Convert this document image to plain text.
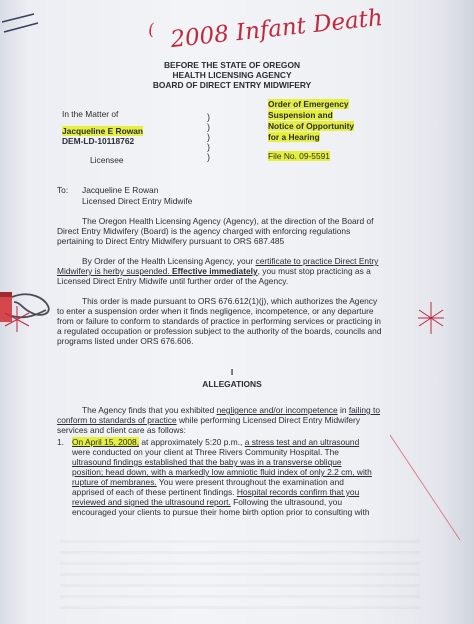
( 2008 Infant Death
BEFORE THE STATE OF OREGON
HEALTH LICENSING AGENCY
BOARD OF DIRECT ENTRY MIDWIFERY
In the Matter of
Jacqueline E Rowan
DEM-LD-10118762
Licensee
)
)
)
)
)
Order of Emergency
Suspension and
Notice of Opportunity
for a Hearing
File No. 09-5591
To: Jacqueline E Rowan
Licensed Direct Entry Midwife
The Oregon Health Licensing Agency (Agency), at the direction of the Board of
Direct Entry Midwifery (Board) is the agency charged with enforcing regulations
pertaining to Direct Entry Midwifery pursuant to ORS 687.485
By Order of the Health Licensing Agency, your certificate to practice Direct Entry
Midwifery is herby suspended. Effective immediately, you must stop practicing as a
Licensed Direct Entry Midwife until further order of the Agency.
This order is made pursuant to ORS 676.612(1)(j), which authorizes the Agency
to enter a suspension order when it finds negligence, incompetence, or any departure
from or failure to conform to standards of practice in performing services or practicing in
a regulated occupation or profession subject to the authority of the boards, councils and
programs listed under ORS 676.606.
I
ALLEGATIONS
The Agency finds that you exhibited negligence and/or incompetence in failing to
conform to standards of practice while performing Licensed Direct Entry Midwifery
services and client care as follows:
1. On April 15, 2008, at approximately 5:20 p.m., a stress test and an ultrasound
were conducted on your client at Three Rivers Community Hospital. The
ultrasound findings established that the baby was in a transverse oblique
position; head down, with a markedly low amniotic fluid index of only 2.2 cm, with
rupture of membranes. You were present throughout the examination and
apprised of each of these pertinent findings. Hospital records confirm that you
reviewed and signed the ultrasound report. Following the ultrasound, you
encouraged your clients to pursue their home birth option prior to consulting with
